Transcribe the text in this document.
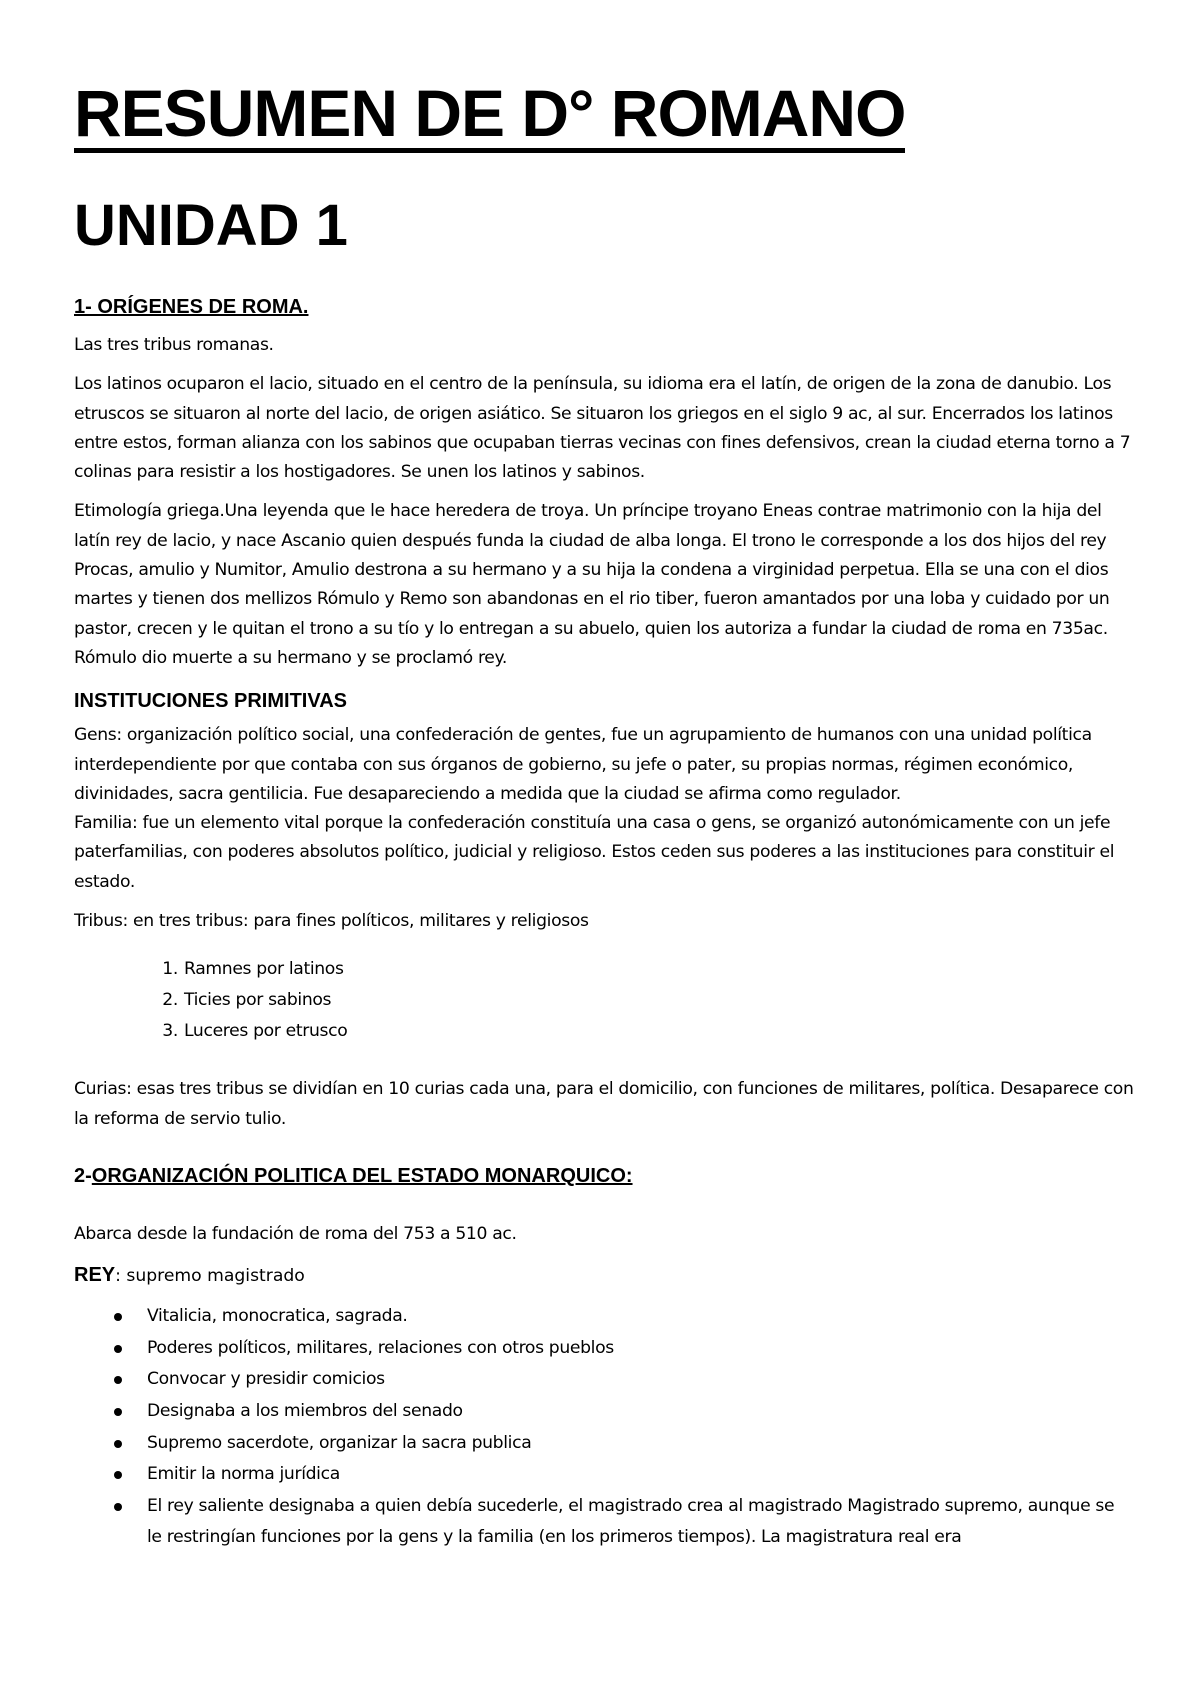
RESUMEN DE D° ROMANO
UNIDAD 1
1- ORÍGENES DE ROMA.

Las tres tribus romanas.

Los latinos ocuparon el lacio, situado en el centro de la península, su idioma era el latín, de origen de la zona de danubio. Los etruscos se situaron al norte del lacio, de origen asiático. Se situaron los griegos en el siglo 9 ac, al sur. Encerrados los latinos entre estos, forman alianza con los sabinos que ocupaban tierras vecinas con fines defensivos, crean la ciudad eterna torno a 7 colinas para resistir a los hostigadores. Se unen los latinos y sabinos.

Etimología griega.Una leyenda que le hace heredera de troya. Un príncipe troyano Eneas contrae matrimonio con la hija del latín rey de lacio, y nace Ascanio quien después funda la ciudad de alba longa. El trono le corresponde a los dos hijos del rey Procas, amulio y Numitor, Amulio destrona a su hermano y a su hija la condena a virginidad perpetua. Ella se una con el dios martes y tienen dos mellizos Rómulo y Remo son abandonas en el rio tiber, fueron amantados por una loba y cuidado por un pastor, crecen y le quitan el trono a su tío y lo entregan a su abuelo, quien los autoriza a fundar la ciudad de roma en 735ac. Rómulo dio muerte a su hermano y se proclamó rey.

INSTITUCIONES PRIMITIVAS

Gens: organización político social, una confederación de gentes, fue un agrupamiento de humanos con una unidad política interdependiente por que contaba con sus órganos de gobierno, su jefe o pater, su propias normas, régimen económico, divinidades, sacra gentilicia. Fue desapareciendo a medida que la ciudad se afirma como regulador.

Familia: fue un elemento vital porque la confederación constituía una casa o gens, se organizó autonómicamente con un jefe paterfamilias, con poderes absolutos político, judicial y religioso. Estos ceden sus poderes a las instituciones para constituir el estado.

Tribus: en tres tribus: para fines políticos, militares y religiosos

1. Ramnes por latinos
2. Ticies por sabinos
3. Luceres por etrusco

Curias: esas tres tribus se dividían en 10 curias cada una, para el domicilio, con funciones de militares, política. Desaparece con la reforma de servio tulio.

2-ORGANIZACIÓN POLITICA DEL ESTADO MONARQUICO:

Abarca desde la fundación de roma del 753 a 510 ac.

REY: supremo magistrado

Vitalicia, monocratica, sagrada.
Poderes políticos, militares, relaciones con otros pueblos
Convocar y presidir comicios
Designaba a los miembros del senado
Supremo sacerdote, organizar la sacra publica
Emitir la norma jurídica
El rey saliente designaba a quien debía sucederle, el magistrado crea al magistrado Magistrado supremo, aunque se le restringían funciones por la gens y la familia (en los primeros tiempos). La magistratura real era
